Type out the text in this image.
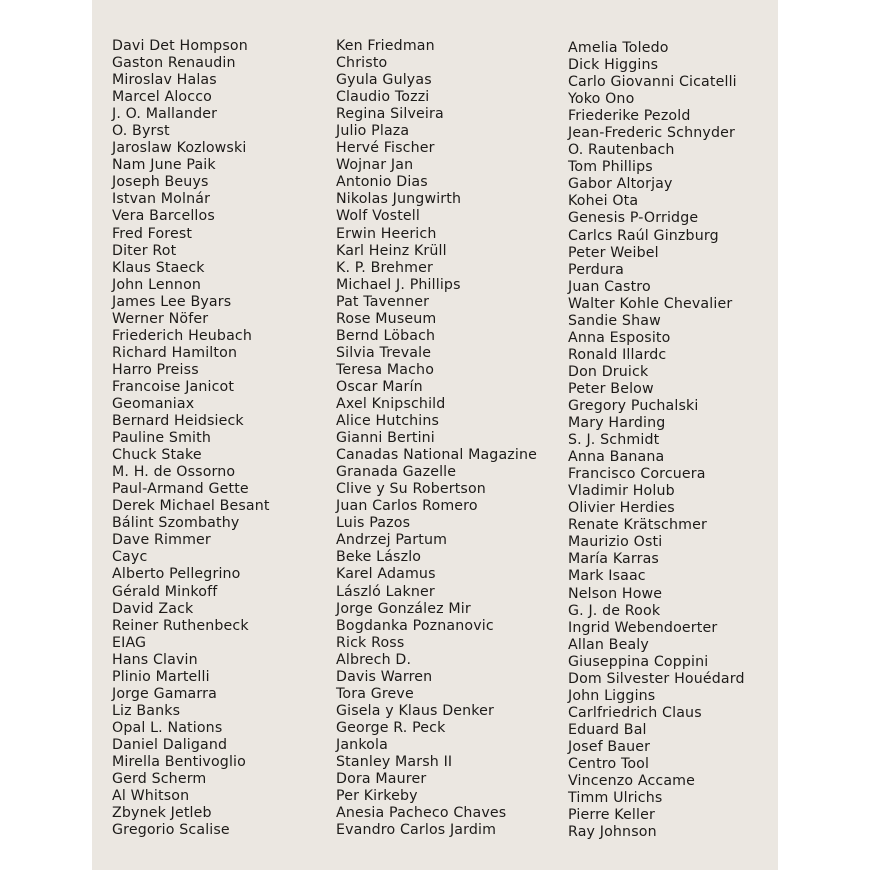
Davi Det Hompson
Gaston Renaudin
Miroslav Halas
Marcel Alocco
J. O. Mallander
O. Byrst
Jaroslaw Kozlowski
Nam June Paik
Joseph Beuys
Istvan Molnár
Vera Barcellos
Fred Forest
Diter Rot
Klaus Staeck
John Lennon
James Lee Byars
Werner Nöfer
Friederich Heubach
Richard Hamilton
Harro Preiss
Francoise Janicot
Geomaniax
Bernard Heidsieck
Pauline Smith
Chuck Stake
M. H. de Ossorno
Paul-Armand Gette
Derek Michael Besant
Bálint Szombathy
Dave Rimmer
Cayc
Alberto Pellegrino
Gérald Minkoff
David Zack
Reiner Ruthenbeck
EIAG
Hans Clavin
Plinio Martelli
Jorge Gamarra
Liz Banks
Opal L. Nations
Daniel Daligand
Mirella Bentivoglio
Gerd Scherm
Al Whitson
Zbynek Jetleb
Gregorio Scalise
Ken Friedman
Christo
Gyula Gulyas
Claudio Tozzi
Regina Silveira
Julio Plaza
Hervé Fischer
Wojnar Jan
Antonio Dias
Nikolas Jungwirth
Wolf Vostell
Erwin Heerich
Karl Heinz Krüll
K. P. Brehmer
Michael J. Phillips
Pat Tavenner
Rose Museum
Bernd Löbach
Silvia Trevale
Teresa Macho
Oscar Marín
Axel Knipschild
Alice Hutchins
Gianni Bertini
Canadas National Magazine
Granada Gazelle
Clive y Su Robertson
Juan Carlos Romero
Luis Pazos
Andrzej Partum
Beke Lászlo
Karel Adamus
László Lakner
Jorge González Mir
Bogdanka Poznanovic
Rick Ross
Albrech D.
Davis Warren
Tora Greve
Gisela y Klaus Denker
George R. Peck
Jankola
Stanley Marsh II
Dora Maurer
Per Kirkeby
Anesia Pacheco Chaves
Evandro Carlos Jardim
Amelia Toledo
Dick Higgins
Carlo Giovanni Cicatelli
Yoko Ono
Friederike Pezold
Jean-Frederic Schnyder
O. Rautenbach
Tom Phillips
Gabor Altorjay
Kohei Ota
Genesis P-Orridge
Carlcs Raúl Ginzburg
Peter Weibel
Perdura
Juan Castro
Walter Kohle Chevalier
Sandie Shaw
Anna Esposito
Ronald Illardc
Don Druick
Peter Below
Gregory Puchalski
Mary Harding
S. J. Schmidt
Anna Banana
Francisco Corcuera
Vladimir Holub
Olivier Herdies
Renate Krätschmer
Maurizio Osti
María Karras
Mark Isaac
Nelson Howe
G. J. de Rook
Ingrid Webendoerter
Allan Bealy
Giuseppina Coppini
Dom Silvester Houédard
John Liggins
Carlfriedrich Claus
Eduard Bal
Josef Bauer
Centro Tool
Vincenzo Accame
Timm Ulrichs
Pierre Keller
Ray Johnson
